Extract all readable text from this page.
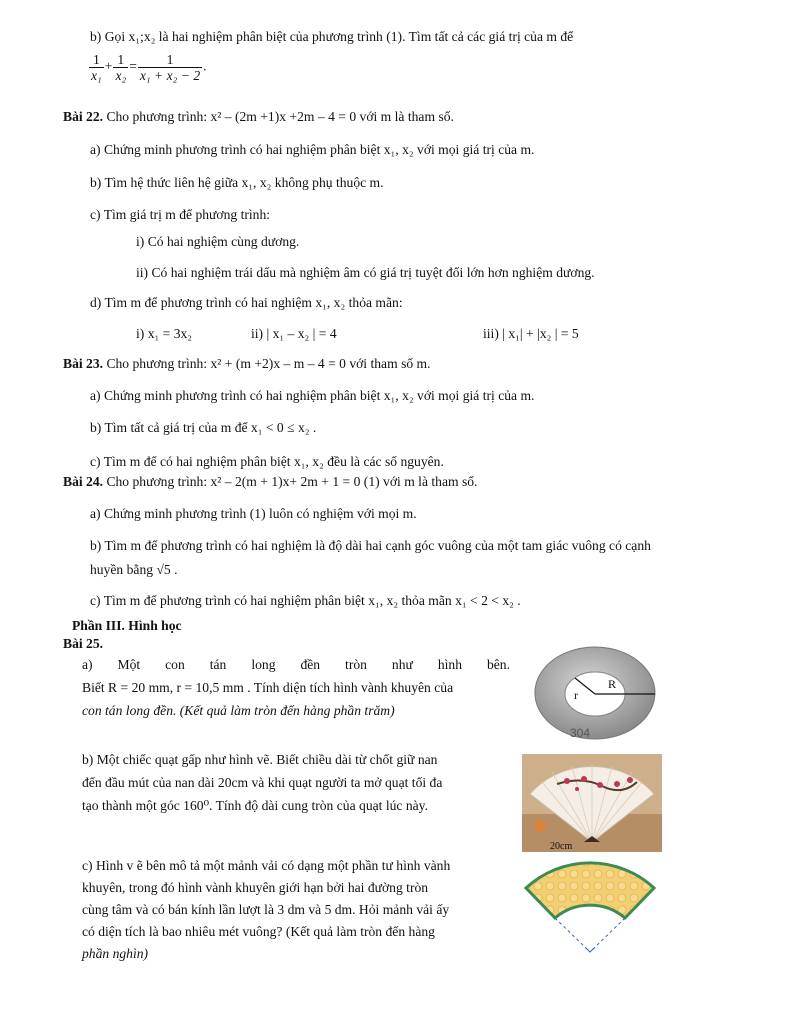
b) Gọi x₁;x₂ là hai nghiệm phân biệt của phương trình (1). Tìm tất cả các giá trị của m để
$\frac{1}{\text{x₁}} + \frac{1}{\text{x₂}} = \frac{1}{\text{x₁ + x₂ − 2}}$ .
Bài 22. Cho phương trình: x² – (2m +1)x +2m – 4 = 0 với m là tham số.
a) Chứng minh phương trình có hai nghiệm phân biệt x₁, x₂ với mọi giá trị của m.
b) Tìm hệ thức liên hệ giữa x₁, x₂ không phụ thuộc m.
c) Tìm giá trị m để phương trình:
i) Có hai nghiệm cùng dương.
ii) Có hai nghiệm trái dấu mà nghiệm âm có giá trị tuyệt đối lớn hơn nghiệm dương.
d) Tìm m để phương trình có hai nghiệm x₁, x₂ thỏa mãn:
i) x₁ = 3x₂	ii) | x₁ – x₂ | = 4	iii) | x₁| + |x₂ | = 5
Bài 23. Cho phương trình: x² + (m +2)x – m – 4 = 0 với tham số m.
a) Chứng minh phương trình có hai nghiệm phân biệt x₁, x₂ với mọi giá trị của m.
b) Tìm tất cả giá trị của m để x₁ < 0 ≤ x₂ .
c) Tìm m để có hai nghiệm phân biệt x₁, x₂ đều là các số nguyên.
Bài 24. Cho phương trình: x² – 2(m + 1)x+ 2m + 1 = 0 (1) với m là tham số.
a) Chứng minh phương trình (1) luôn có nghiệm với mọi m.
b) Tìm m để phương trình có hai nghiệm là độ dài hai cạnh góc vuông của một tam giác vuông có cạnh
huyền bằng √5 .
c) Tìm m để phương trình có hai nghiệm phân biệt x₁, x₂ thỏa mãn x₁ < 2 < x₂ .
Phần III. Hình học
Bài 25.
a) Một con tán long đền tròn như hình bên.
Biết R = 20 mm, r = 10,5 mm . Tính diện tích hình vành khuyên của
con tán long đền. (Kết quả làm tròn đến hàng phần trăm)
b) Một chiếc quạt gấp như hình vẽ. Biết chiều dài từ chốt giữ nan
đến đầu mút của nan dài 20cm và khi quạt người ta mở quạt tối đa
tạo thành một góc 160⁰. Tính độ dài cung tròn của quạt lúc này.
c) Hình v ẽ bên mô tả một mảnh vải có dạng một phần tư hình vành
khuyên, trong đó hình vành khuyên giới hạn bởi hai đường tròn
cùng tâm và có bán kính lần lượt là 3 dm và 5 dm. Hỏi mảnh vải ấy
có diện tích là bao nhiêu mét vuông? (Kết quả làm tròn đến hàng
phần nghìn)
R
r
304
20cm
